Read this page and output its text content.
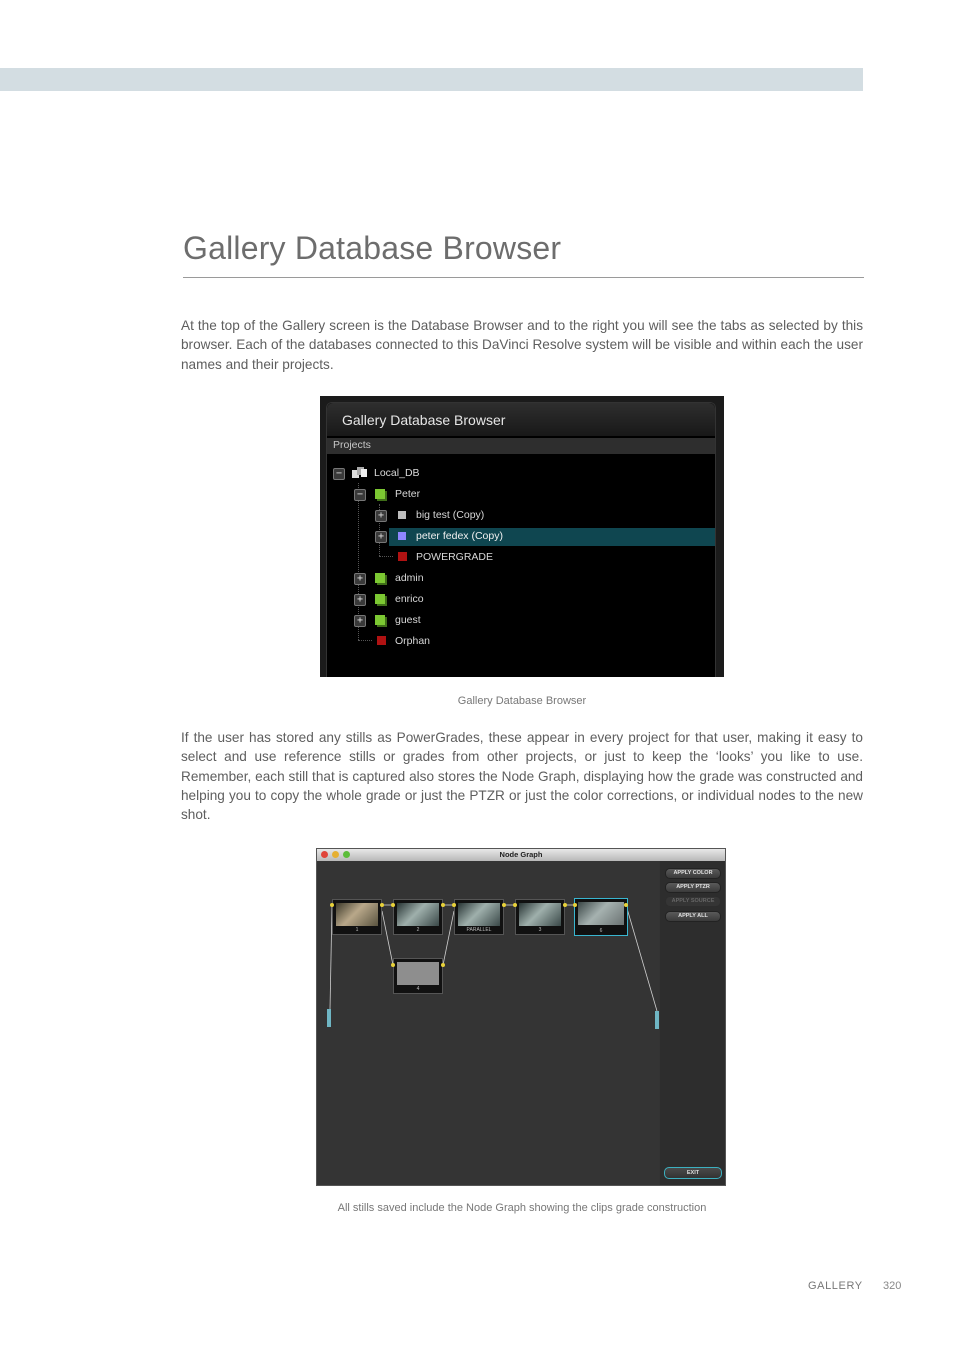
Gallery Database Browser

At the top of the Gallery screen is the Database Browser and to the right you will see the tabs as selected by this browser. Each of the databases connected to this DaVinci Resolve system will be visible and within each the user names and their projects.

Gallery Database Browser
Projects
−	Local_DB
−	Peter
+	big test (Copy)
+	peter fedex (Copy)
POWERGRADE
+	admin
+	enrico
+	guest
Orphan
Gallery Database Browser

If the user has stored any stills as PowerGrades, these appear in every project for that user, making it easy to select and use reference stills or grades from other projects, or just to keep the ‘looks’ you like to use. Remember, each still that is captured also stores the Node Graph, displaying how the grade was constructed and helping you to copy the whole grade or just the PTZR or just the color corrections, or individual nodes to the new shot.

Node Graph
1	2	PARALLEL	3	6
4
APPLY COLOR
APPLY PTZR
APPLY SOURCE
APPLY ALL
EXIT
All stills saved include the Node Graph showing the clips grade construction
GALLERY 320
